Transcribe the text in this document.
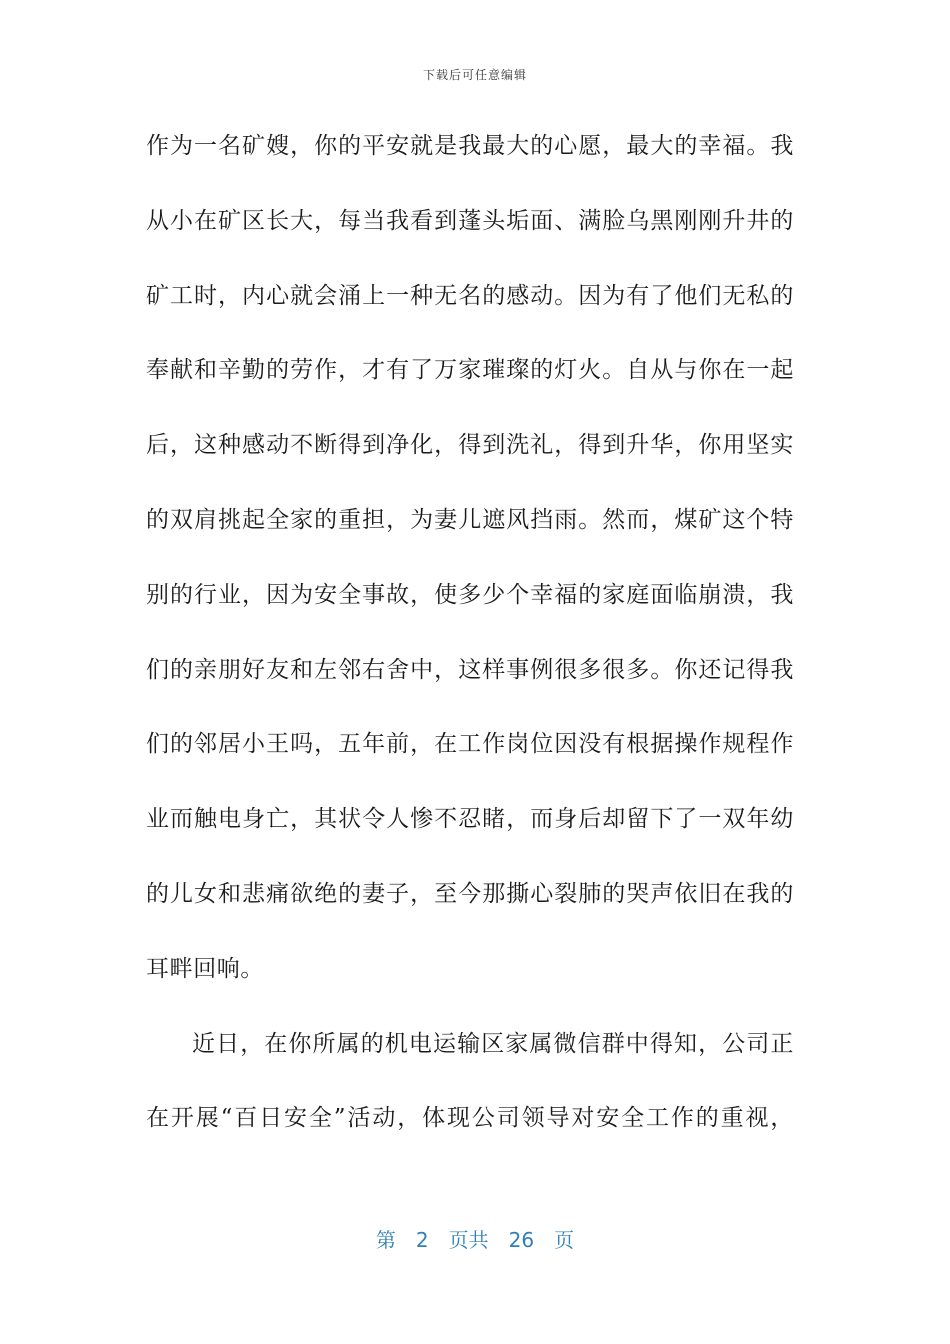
下载后可任意编辑
作为一名矿嫂，你的平安就是我最大的心愿，最大的幸福。我
从小在矿区长大，每当我看到蓬头垢面、满脸乌黑刚刚升井的
矿工时，内心就会涌上一种无名的感动。因为有了他们无私的
奉献和辛勤的劳作，才有了万家璀璨的灯火。自从与你在一起
后，这种感动不断得到净化，得到洗礼，得到升华，你用坚实
的双肩挑起全家的重担，为妻儿遮风挡雨。然而，煤矿这个特
别的行业，因为安全事故，使多少个幸福的家庭面临崩溃，我
们的亲朋好友和左邻右舍中，这样事例很多很多。你还记得我
们的邻居小王吗，五年前，在工作岗位因没有根据操作规程作
业而触电身亡，其状令人惨不忍睹，而身后却留下了一双年幼
的儿女和悲痛欲绝的妻子，至今那撕心裂肺的哭声依旧在我的
耳畔回响。
近日，在你所属的机电运输区家属微信群中得知，公司正
在开展“百日安全”活动，体现公司领导对安全工作的重视，
第 2 页共 26 页
